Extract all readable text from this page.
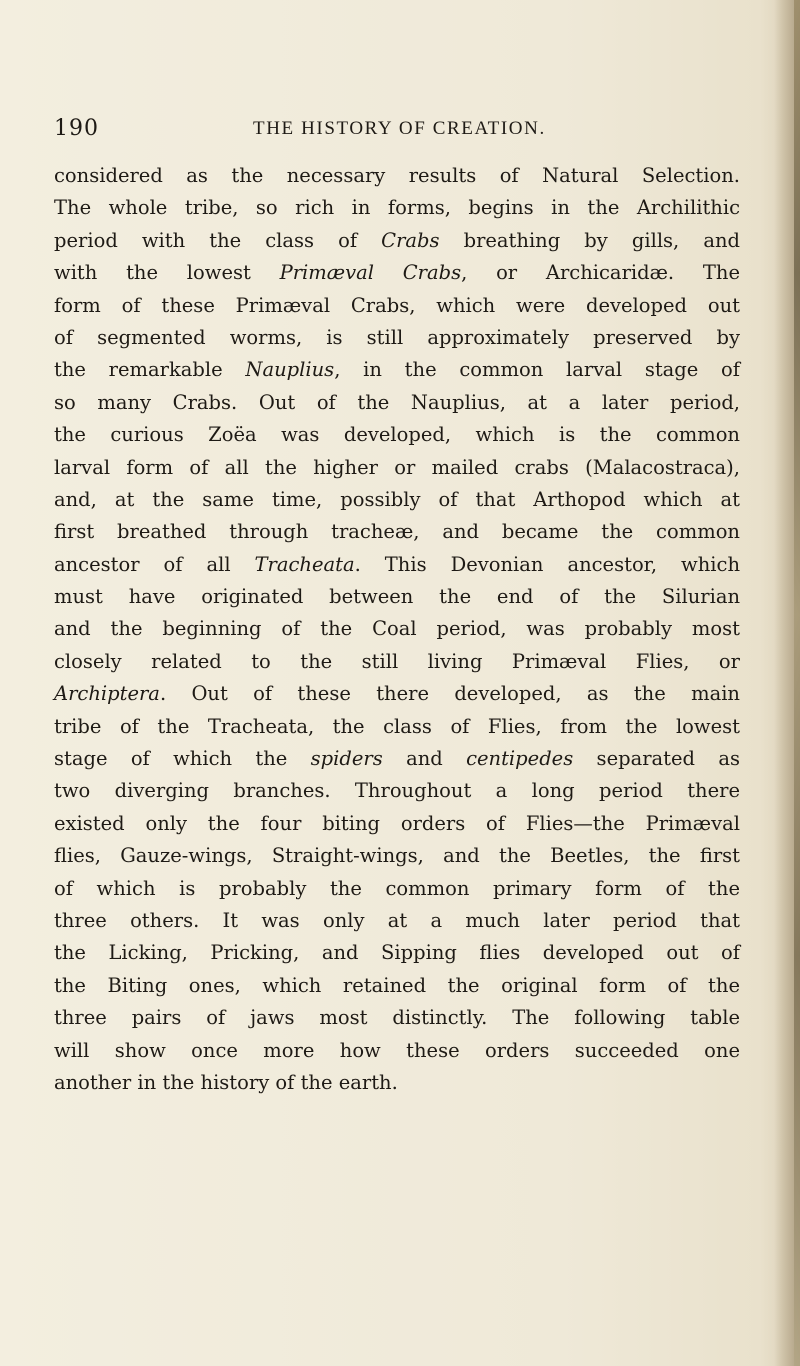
190	THE HISTORY OF CREATION.
considered as the necessary results of Natural Selection.
The whole tribe, so rich in forms, begins in the Archilithic
period with the class of Crabs breathing by gills, and
with the lowest Primæval Crabs, or Archicaridæ. The
form of these Primæval Crabs, which were developed out
of segmented worms, is still approximately preserved by
the remarkable Nauplius, in the common larval stage of
so many Crabs. Out of the Nauplius, at a later period,
the curious Zoëa was developed, which is the common
larval form of all the higher or mailed crabs (Malacostraca),
and, at the same time, possibly of that Arthopod which at
first breathed through tracheæ, and became the common
ancestor of all Tracheata. This Devonian ancestor, which
must have originated between the end of the Silurian
and the beginning of the Coal period, was probably most
closely related to the still living Primæval Flies, or
Archiptera. Out of these there developed, as the main
tribe of the Tracheata, the class of Flies, from the lowest
stage of which the spiders and centipedes separated as
two diverging branches. Throughout a long period there
existed only the four biting orders of Flies—the Primæval
flies, Gauze-wings, Straight-wings, and the Beetles, the first
of which is probably the common primary form of the
three others. It was only at a much later period that
the Licking, Pricking, and Sipping flies developed out of
the Biting ones, which retained the original form of the
three pairs of jaws most distinctly. The following table
will show once more how these orders succeeded one
another in the history of the earth.
